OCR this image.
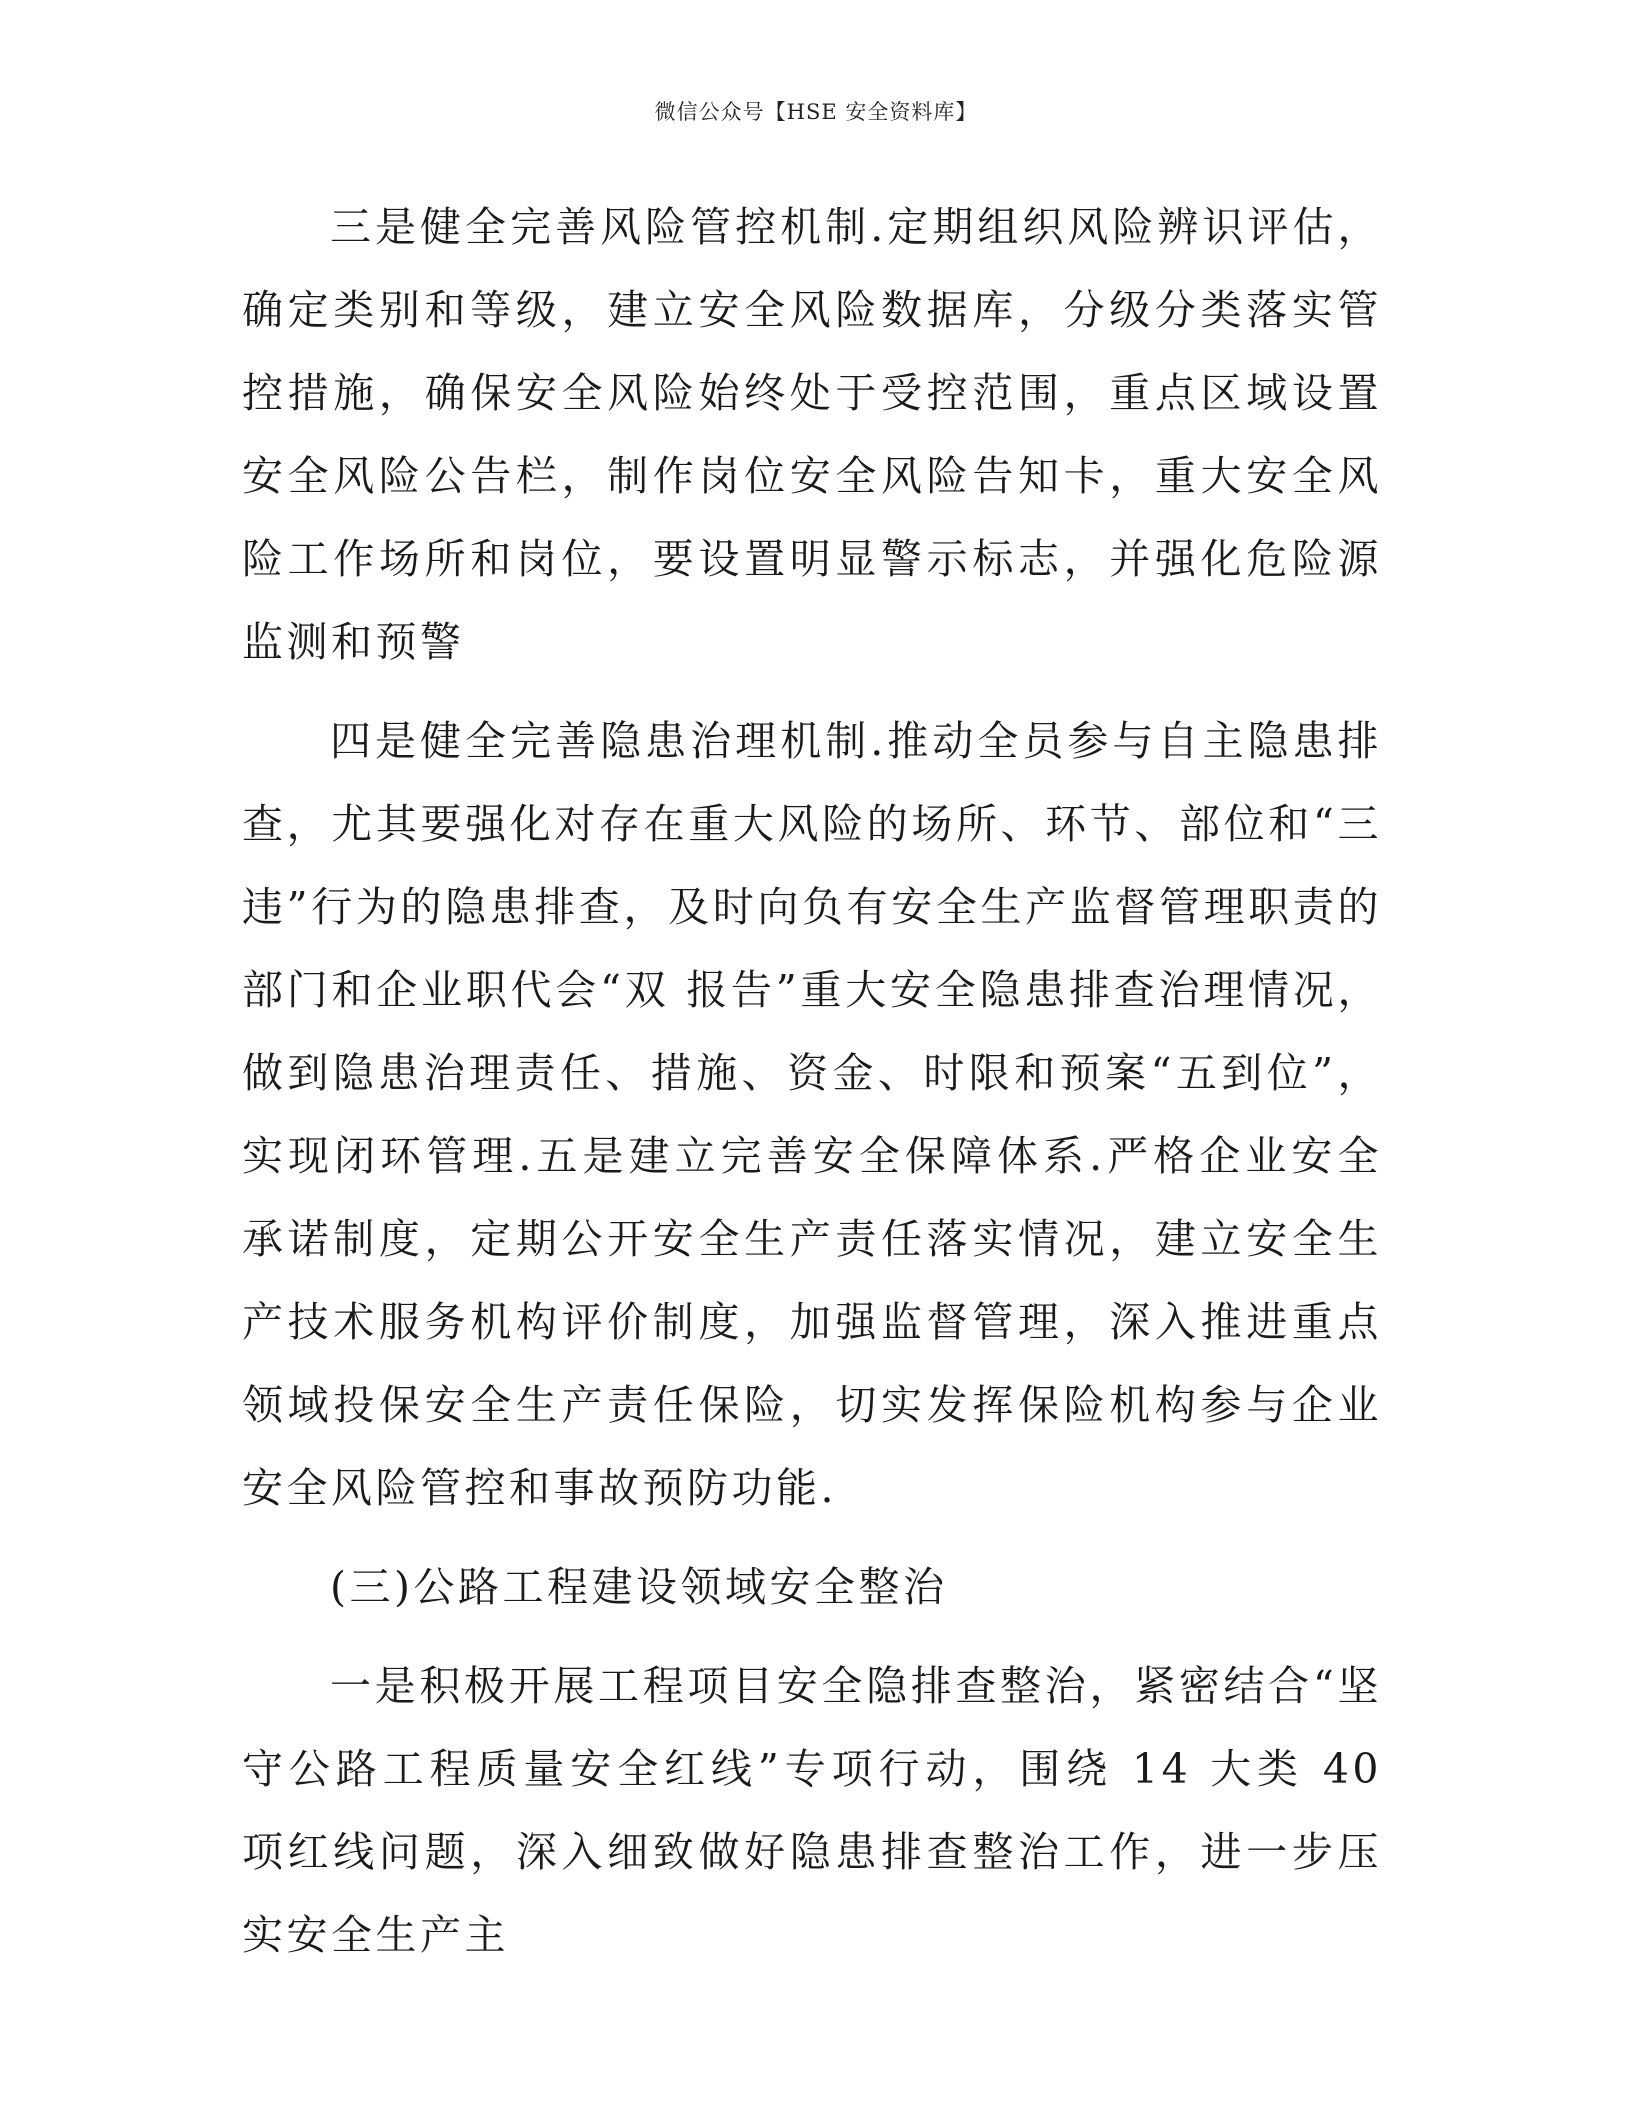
微信公众号【HSE 安全资料库】

三是健全完善风险管控机制.定期组织风险辨识评估，确定类别和等级，建立安全风险数据库，分级分类落实管控措施，确保安全风险始终处于受控范围，重点区域设置安全风险公告栏，制作岗位安全风险告知卡，重大安全风险工作场所和岗位，要设置明显警示标志，并强化危险源监测和预警

四是健全完善隐患治理机制.推动全员参与自主隐患排查，尤其要强化对存在重大风险的场所、环节、部位和“三违”行为的隐患排查，及时向负有安全生产监督管理职责的部门和企业职代会“双 报告”重大安全隐患排查治理情况，做到隐患治理责任、措施、资金、时限和预案“五到位”，实现闭环管理.五是建立完善安全保障体系.严格企业安全承诺制度，定期公开安全生产责任落实情况，建立安全生产技术服务机构评价制度，加强监督管理，深入推进重点领域投保安全生产责任保险，切实发挥保险机构参与企业安全风险管控和事故预防功能.

(三)公路工程建设领域安全整治

一是积极开展工程项目安全隐排查整治，紧密结合“坚守公路工程质量安全红线”专项行动，围绕 14 大类 40 项红线问题，深入细致做好隐患排查整治工作，进一步压实安全生产主
